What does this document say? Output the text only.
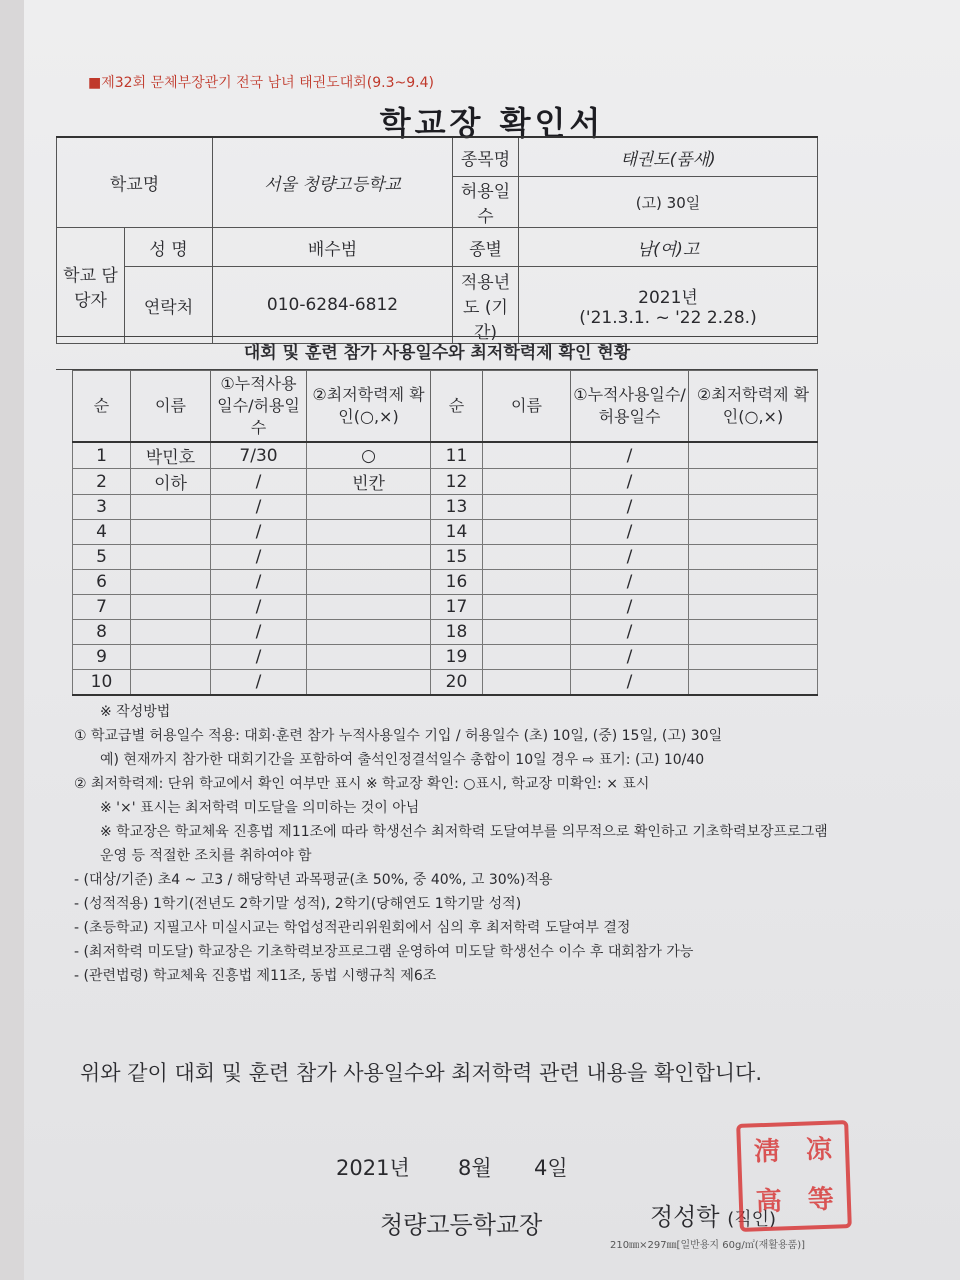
■제32회 문체부장관기 전국 남녀 태권도대회(9.3~9.4)
학교장 확인서
학교명		서울 청량고등학교	종목명	태권도(품새)
			허용일수	(고) 30일
학교 담당자	성 명	배수범	종별	남(여)고
	연락처	010-6284-6812	적용년도 (기간)	2021년
('21.3.1. ~ '22 2.28.)
대회 및 훈련 참가 사용일수와 최저학력제 확인 현황
순	이름	①누적사용일수/허용일수	②최저학력제 확인(○,×)	순	이름	①누적사용일수/허용일수	②최저학력제 확인(○,×)
1	박민호	7/30	○	11		/	
2	이하	/	빈칸	12		/	
3		/		13		/	
4		/		14		/	
5		/		15		/	
6		/		16		/	
7		/		17		/	
8		/		18		/	
9		/		19		/	
10		/		20		/	
※ 작성방법
① 학교급별 허용일수 적용: 대회·훈련 참가 누적사용일수 기입 / 허용일수 (초) 10일, (중) 15일, (고) 30일
예) 현재까지 참가한 대회기간을 포함하여 출석인정결석일수 총합이 10일 경우 ⇨ 표기: (고) 10/40
② 최저학력제: 단위 학교에서 확인 여부만 표시 ※ 학교장 확인: ○표시, 학교장 미확인: × 표시
※ '×' 표시는 최저학력 미도달을 의미하는 것이 아님
※ 학교장은 학교체육 진흥법 제11조에 따라 학생선수 최저학력 도달여부를 의무적으로 확인하고 기초학력보장프로그램 운영 등 적절한 조치를 취하여야 함
- (대상/기준) 초4 ~ 고3 / 해당학년 과목평균(초 50%, 중 40%, 고 30%)적용
- (성적적용) 1학기(전년도 2학기말 성적), 2학기(당해연도 1학기말 성적)
- (초등학교) 지필고사 미실시교는 학업성적관리위원회에서 심의 후 최저학력 도달여부 결정
- (최저학력 미도달) 학교장은 기초학력보장프로그램 운영하여 미도달 학생선수 이수 후 대회참가 가능
- (관련법령) 학교체육 진흥법 제11조, 동법 시행규칙 제6조
위와 같이 대회 및 훈련 참가 사용일수와 최저학력 관련 내용을 확인합니다.
2021년 8월 4일
청량고등학교장	정성학 (직인)
210㎜×297㎜[일반용지 60g/㎡(재활용품)]
淸 凉
高 等
